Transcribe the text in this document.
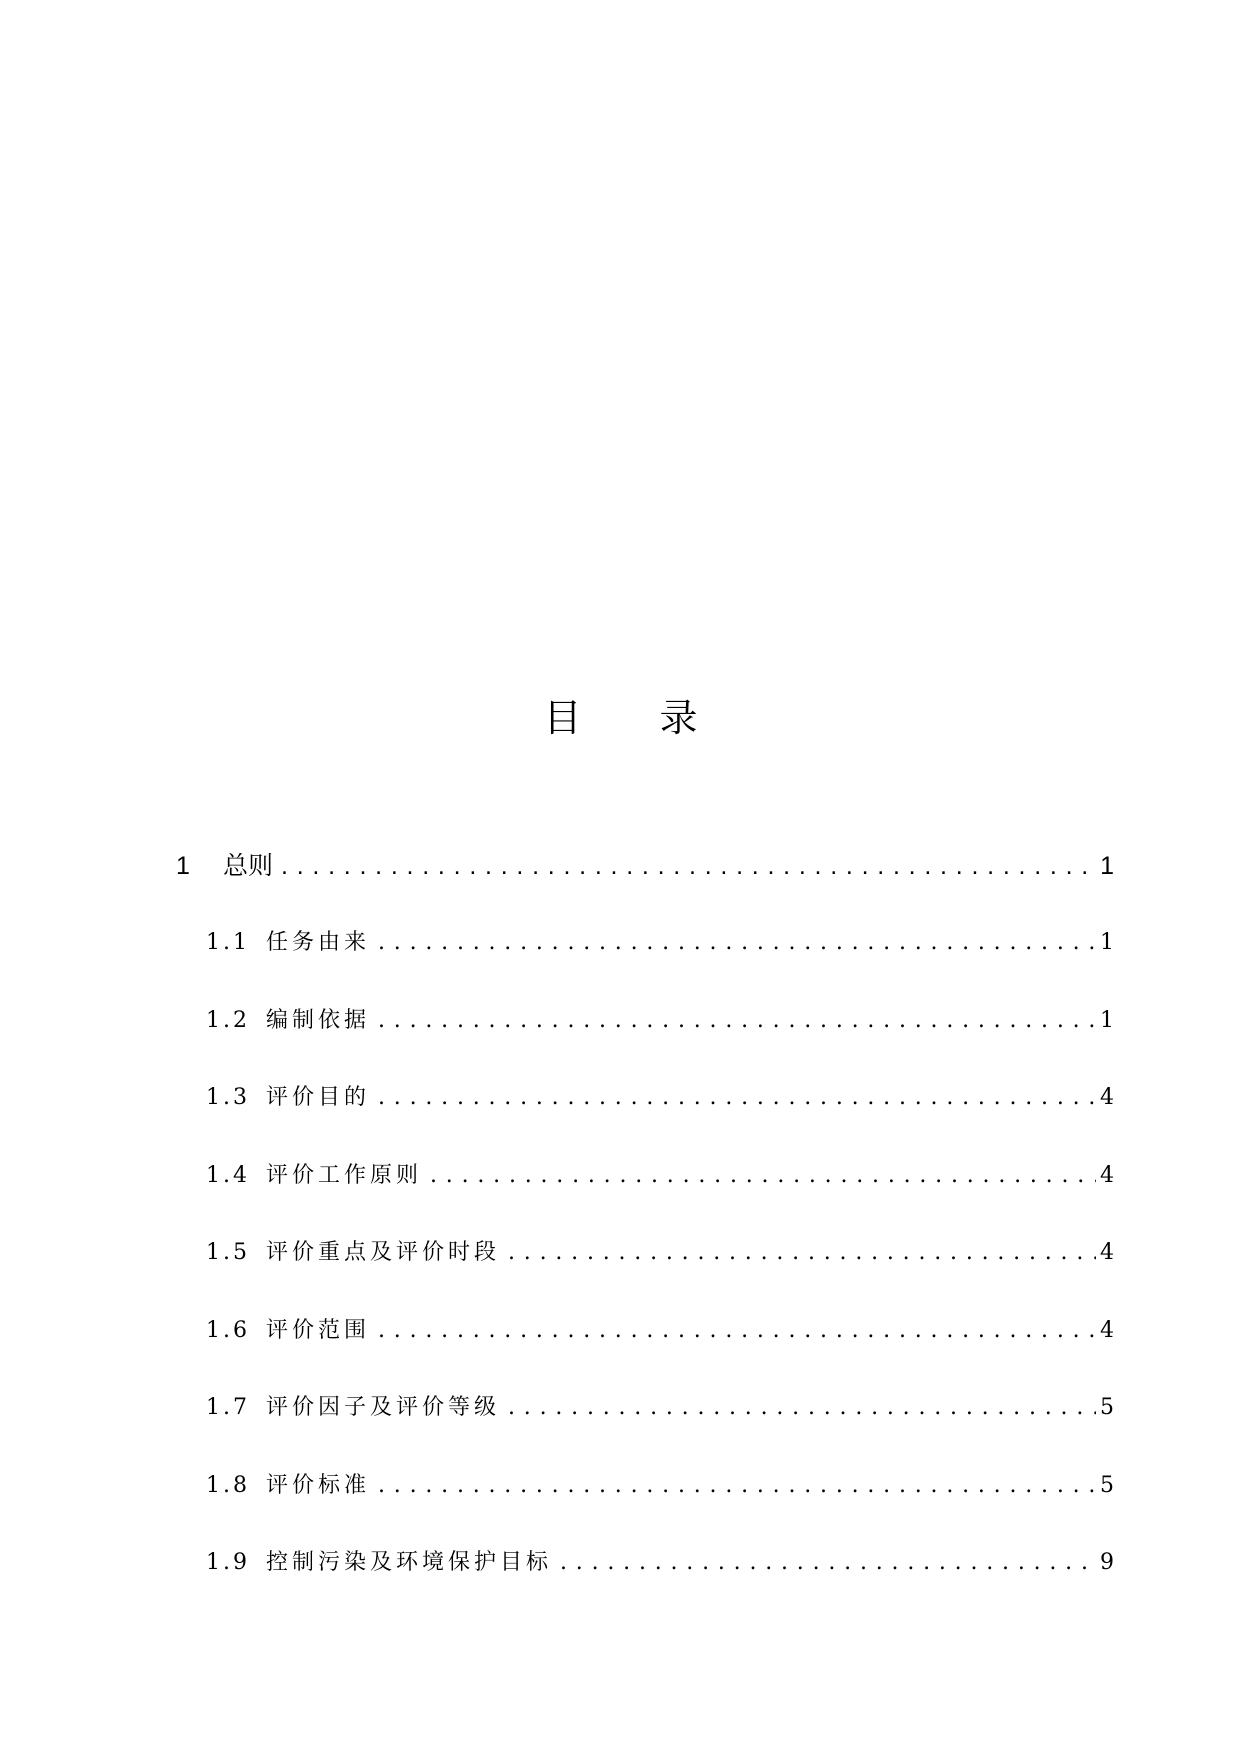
目 录
1	总则 . . .	1
1.1 任务由来 . . .	1
1.2 编制依据 . . .	1
1.3 评价目的 . . .	4
1.4 评价工作原则 . . .	4
1.5 评价重点及评价时段 . . .	4
1.6 评价范围 . . .	4
1.7 评价因子及评价等级 . . .	5
1.8 评价标准 . . .	5
1.9 控制污染及环境保护目标 . . .	9
